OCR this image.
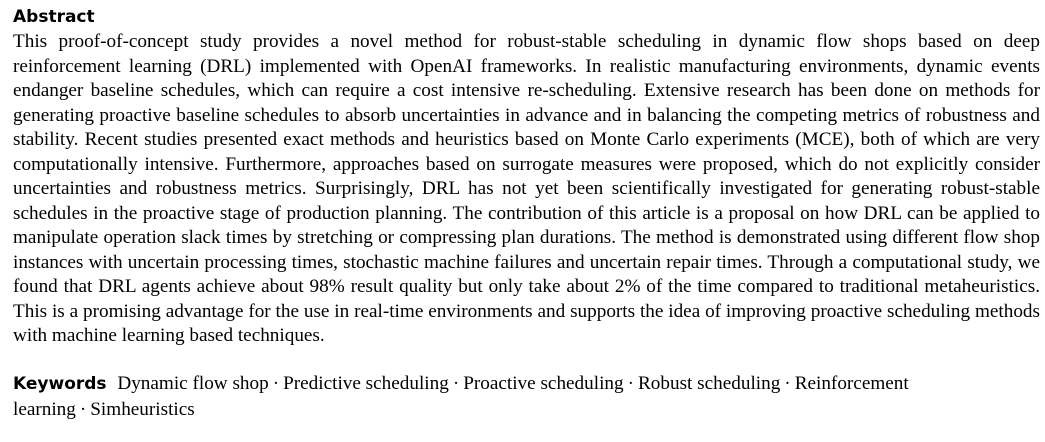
Abstract

This proof-of-concept study provides a novel method for robust-stable scheduling in dynamic flow shops based on deep reinforcement learning (DRL) implemented with OpenAI frameworks. In realistic manufacturing environments, dynamic events endanger baseline schedules, which can require a cost intensive re-scheduling. Extensive research has been done on methods for generating proactive baseline schedules to absorb uncertainties in advance and in balancing the competing metrics of robustness and stability. Recent studies presented exact methods and heuristics based on Monte Carlo experiments (MCE), both of which are very computationally intensive. Furthermore, approaches based on surrogate measures were proposed, which do not explicitly consider uncertainties and robustness metrics. Surprisingly, DRL has not yet been scientifically investigated for generating robust-stable schedules in the proactive stage of production planning. The contribution of this article is a proposal on how DRL can be applied to manipulate operation slack times by stretching or compressing plan durations. The method is demonstrated using different flow shop instances with uncertain processing times, stochastic machine failures and uncertain repair times. Through a computational study, we found that DRL agents achieve about 98% result quality but only take about 2% of the time compared to traditional metaheuristics. This is a promising advantage for the use in real-time environments and supports the idea of improving proactive scheduling methods with machine learning based techniques.

Keywords Dynamic flow shop · Predictive scheduling · Proactive scheduling · Robust scheduling · Reinforcement learning · Simheuristics
